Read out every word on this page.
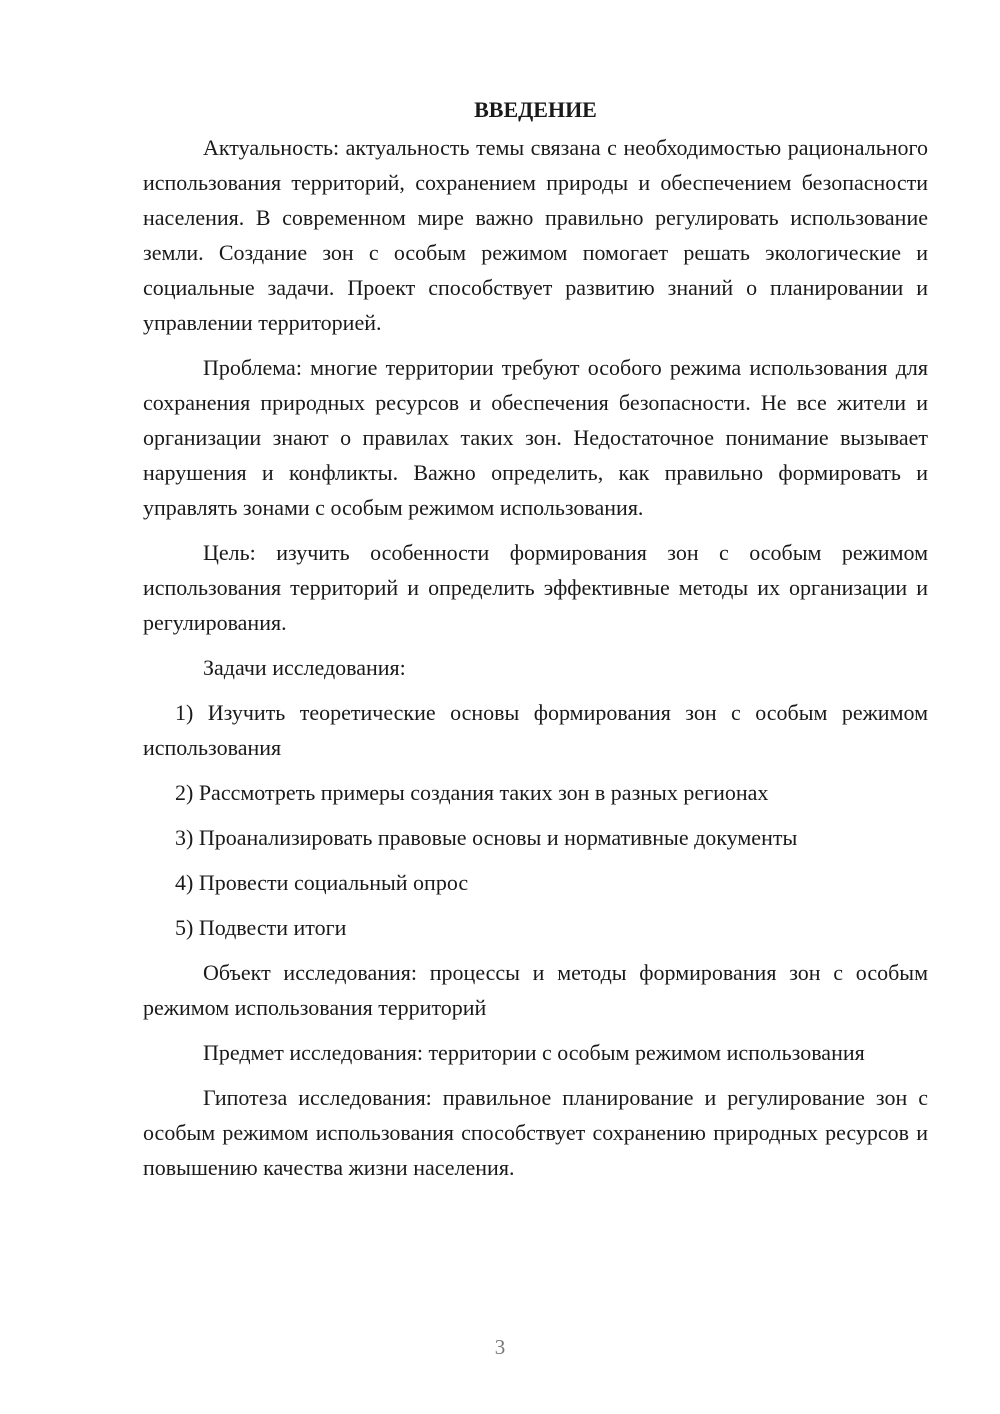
ВВЕДЕНИЕ

Актуальность: актуальность темы связана с необходимостью рационального использования территорий, сохранением природы и обеспечением безопасности населения. В современном мире важно правильно регулировать использование земли. Создание зон с особым режимом помогает решать экологические и социальные задачи. Проект способствует развитию знаний о планировании и управлении территорией.

Проблема: многие территории требуют особого режима использования для сохранения природных ресурсов и обеспечения безопасности. Не все жители и организации знают о правилах таких зон. Недостаточное понимание вызывает нарушения и конфликты. Важно определить, как правильно формировать и управлять зонами с особым режимом использования.

Цель: изучить особенности формирования зон с особым режимом использования территорий и определить эффективные методы их организации и регулирования.

Задачи исследования:

1) Изучить теоретические основы формирования зон с особым режимом использования
2) Рассмотреть примеры создания таких зон в разных регионах
3) Проанализировать правовые основы и нормативные документы
4) Провести социальный опрос
5) Подвести итоги

Объект исследования: процессы и методы формирования зон с особым режимом использования территорий

Предмет исследования: территории с особым режимом использования

Гипотеза исследования: правильное планирование и регулирование зон с особым режимом использования способствует сохранению природных ресурсов и повышению качества жизни населения.

3
